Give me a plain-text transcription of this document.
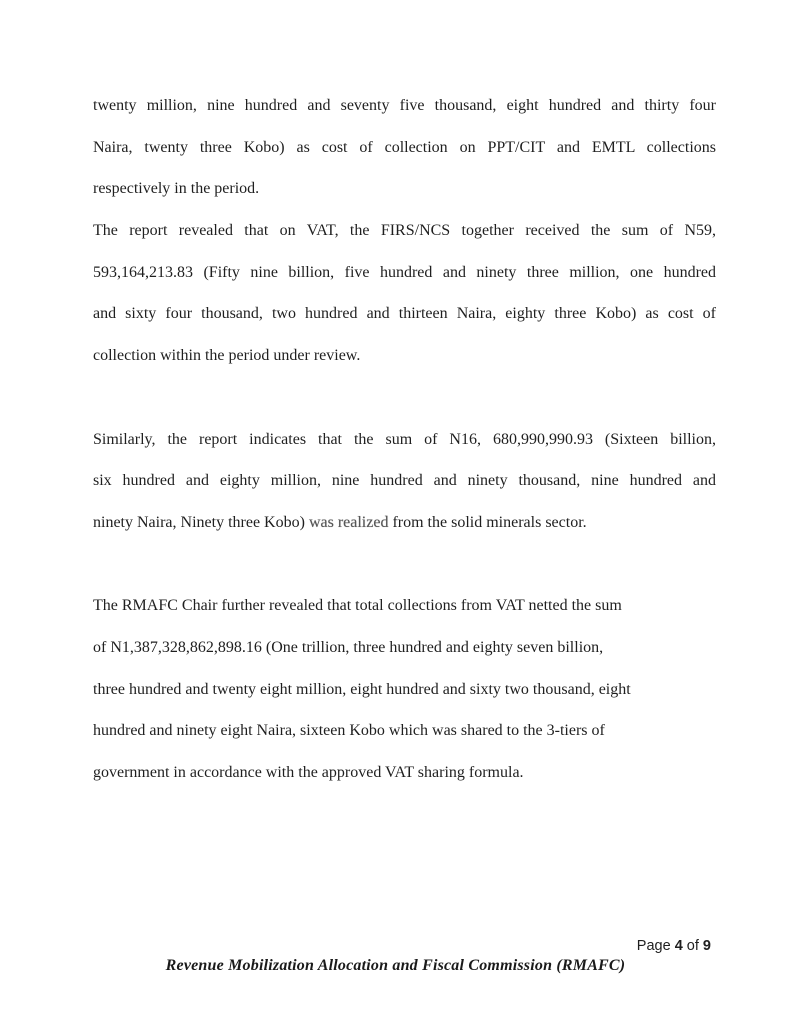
twenty million, nine hundred and seventy five thousand, eight hundred and thirty four
Naira, twenty three Kobo) as cost of collection on PPT/CIT and EMTL collections
respectively in the period.
The report revealed that on VAT, the FIRS/NCS together received the sum of N59,
593,164,213.83 (Fifty nine billion, five hundred and ninety three million, one hundred
and sixty four thousand, two hundred and thirteen Naira, eighty three Kobo) as cost of
collection within the period under review.
Similarly, the report indicates that the sum of N16, 680,990,990.93 (Sixteen billion,
six hundred and eighty million, nine hundred and ninety thousand, nine hundred and
ninety Naira, Ninety three Kobo) was realized from the solid minerals sector.
The RMAFC Chair further revealed that total collections from VAT netted the sum
of N1,387,328,862,898.16 (One trillion, three hundred and eighty seven billion,
three hundred and twenty eight million, eight hundred and sixty two thousand, eight
hundred and ninety eight Naira, sixteen Kobo which was shared to the 3-tiers of
government in accordance with the approved VAT sharing formula.
Page 4 of 9
Revenue Mobilization Allocation and Fiscal Commission (RMAFC)
